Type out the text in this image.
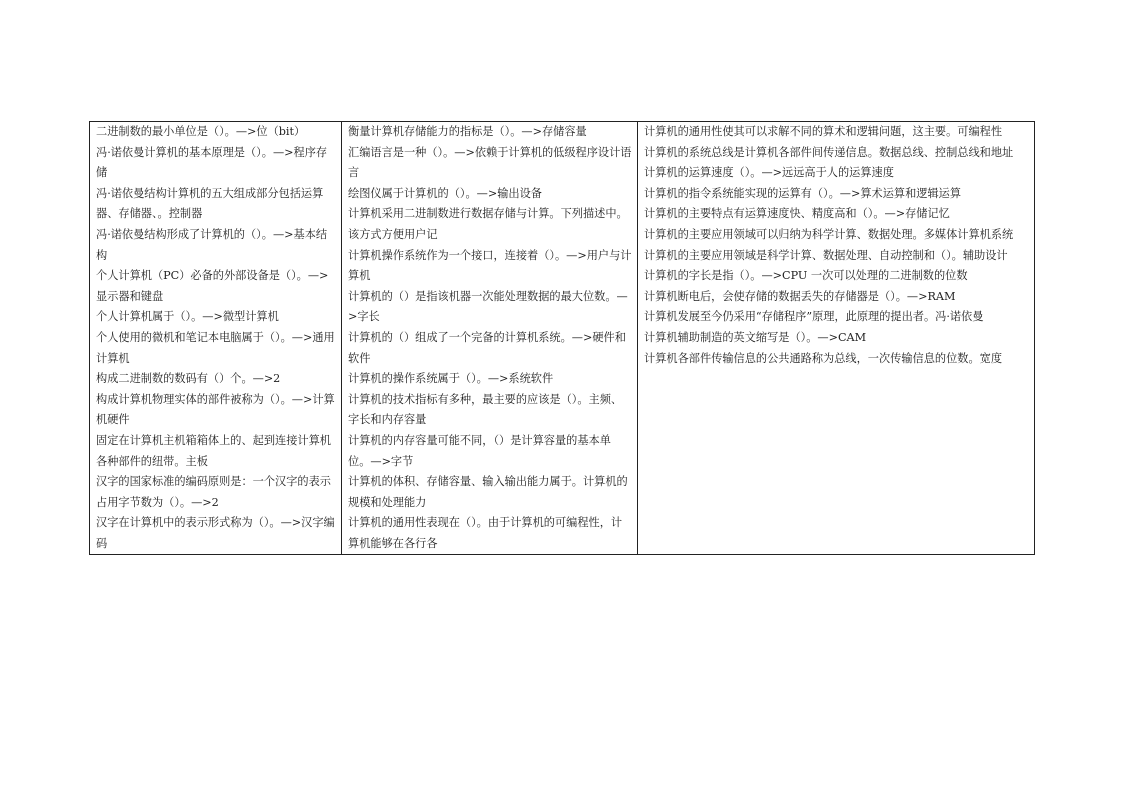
二进制数的最小单位是（）。—>位（bit）
冯·诺依曼计算机的基本原理是（）。—>程序存储
冯·诺依曼结构计算机的五大组成部分包括运算器、存储器、。控制器
冯·诺依曼结构形成了计算机的（）。—>基本结构
个人计算机（PC）必备的外部设备是（）。—>显示器和键盘
个人计算机属于（）。—>微型计算机
个人使用的微机和笔记本电脑属于（）。—>通用计算机
构成二进制数的数码有（）个。—>2
构成计算机物理实体的部件被称为（）。—>计算机硬件
固定在计算机主机箱箱体上的、起到连接计算机各种部件的纽带。主板
汉字的国家标准的编码原则是：一个汉字的表示占用字节数为（）。—>2
汉字在计算机中的表示形式称为（）。—>汉字编码

衡量计算机存储能力的指标是（）。—>存储容量
汇编语言是一种（）。—>依赖于计算机的低级程序设计语言
绘图仪属于计算机的（）。—>输出设备
计算机采用二进制数进行数据存储与计算。下列描述中。该方式方便用户记
计算机操作系统作为一个接口，连接着（）。—>用户与计算机
计算机的（）是指该机器一次能处理数据的最大位数。—>字长
计算机的（）组成了一个完备的计算机系统。—>硬件和软件
计算机的操作系统属于（）。—>系统软件
计算机的技术指标有多种，最主要的应该是（）。主频、字长和内存容量
计算机的内存容量可能不同，（）是计算容量的基本单位。—>字节
计算机的体积、存储容量、输入输出能力属于。计算机的规模和处理能力
计算机的通用性表现在（）。由于计算机的可编程性，计算机能够在各行各

计算机的通用性使其可以求解不同的算术和逻辑问题，这主要。可编程性
计算机的系统总线是计算机各部件间传递信息。数据总线、控制总线和地址
计算机的运算速度（）。—>远远高于人的运算速度
计算机的指令系统能实现的运算有（）。—>算术运算和逻辑运算
计算机的主要特点有运算速度快、精度高和（）。—>存储记忆
计算机的主要应用领域可以归纳为科学计算、数据处理。多媒体计算机系统
计算机的主要应用领域是科学计算、数据处理、自动控制和（）。辅助设计
计算机的字长是指（）。—>CPU 一次可以处理的二进制数的位数
计算机断电后，会使存储的数据丢失的存储器是（）。—>RAM
计算机发展至今仍采用“存储程序”原理，此原理的提出者。冯·诺依曼
计算机辅助制造的英文缩写是（）。—>CAM
计算机各部件传输信息的公共通路称为总线，一次传输信息的位数。宽度
